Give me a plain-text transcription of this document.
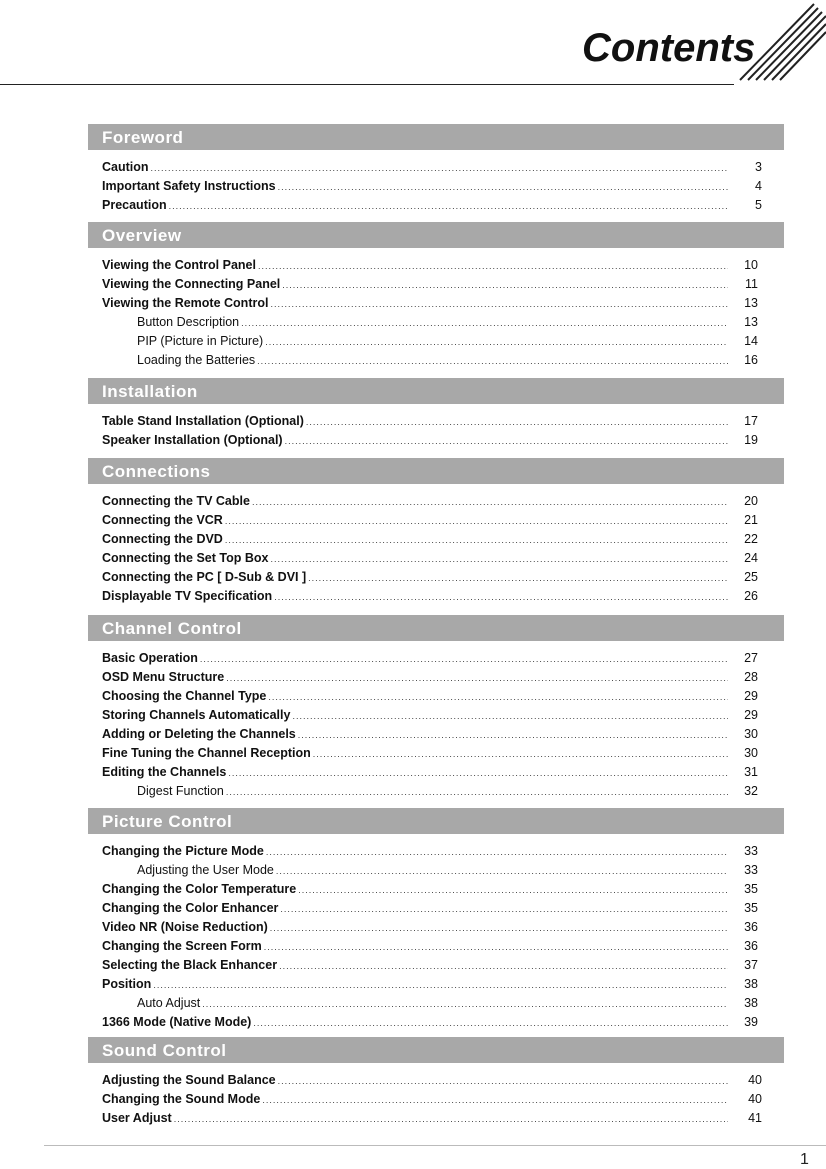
Contents
Foreword
Caution .....	3
Important Safety Instructions .....	4
Precaution .....	5
Overview
Viewing the Control Panel .....	10
Viewing the Connecting Panel .....	11
Viewing the Remote Control .....	13
Button Description .....	13
PIP (Picture in Picture) .....	14
Loading the Batteries .....	16
Installation
Table Stand Installation (Optional) .....	17
Speaker Installation (Optional) .....	19
Connections
Connecting the TV Cable .....	20
Connecting the VCR .....	21
Connecting the DVD .....	22
Connecting the Set Top Box .....	24
Connecting the PC [ D-Sub & DVI ] .....	25
Displayable TV Specification .....	26
Channel Control
Basic Operation .....	27
OSD Menu Structure .....	28
Choosing the Channel Type .....	29
Storing Channels Automatically .....	29
Adding or Deleting the Channels .....	30
Fine Tuning the Channel Reception .....	30
Editing the Channels .....	31
Digest Function .....	32
Picture Control
Changing the Picture Mode .....	33
Adjusting the User Mode .....	33
Changing the Color Temperature .....	35
Changing the Color Enhancer .....	35
Video NR (Noise Reduction) .....	36
Changing the Screen Form .....	36
Selecting the Black Enhancer .....	37
Position .....	38
Auto Adjust .....	38
1366 Mode (Native Mode) .....	39
Sound Control
Adjusting the Sound Balance .....	40
Changing the Sound Mode .....	40
User Adjust .....	41
1
